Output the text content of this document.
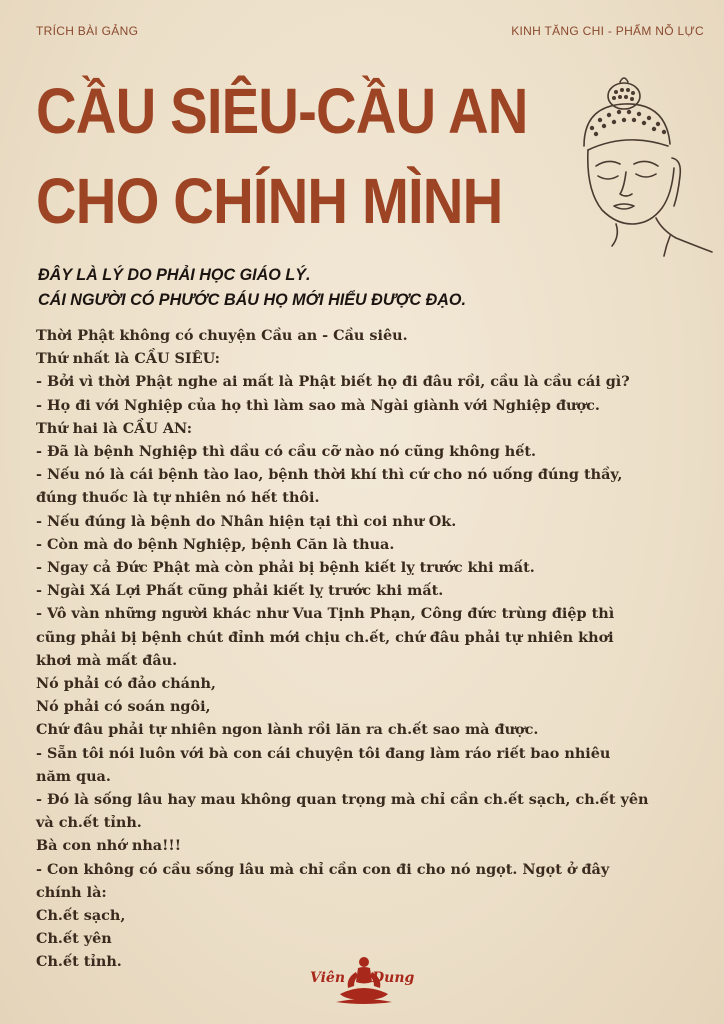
TRÍCH BÀI GẢNG	KINH TĂNG CHI - PHẨM NỖ LỰC
CẦU SIÊU-CẦU AN
CHO CHÍNH MÌNH
ĐÂY LÀ LÝ DO PHẢI HỌC GIÁO LÝ.
CÁI NGƯỜI CÓ PHƯỚC BÁU HỌ MỚI HIỂU ĐƯỢC ĐẠO.
Thời Phật không có chuyện Cầu an - Cầu siêu.
Thứ nhất là CẦU SIÊU:
- Bởi vì thời Phật nghe ai mất là Phật biết họ đi đâu rồi, cầu là cầu cái gì?
- Họ đi với Nghiệp của họ thì làm sao mà Ngài giành với Nghiệp được.
Thứ hai là CẦU AN:
- Đã là bệnh Nghiệp thì dầu có cầu cỡ nào nó cũng không hết.
- Nếu nó là cái bệnh tào lao, bệnh thời khí thì cứ cho nó uống đúng thầy,
đúng thuốc là tự nhiên nó hết thôi.
- Nếu đúng là bệnh do Nhân hiện tại thì coi như Ok.
- Còn mà do bệnh Nghiệp, bệnh Căn là thua.
- Ngay cả Đức Phật mà còn phải bị bệnh kiết lỵ trước khi mất.
- Ngài Xá Lợi Phất cũng phải kiết lỵ trước khi mất.
- Vô vàn những người khác như Vua Tịnh Phạn, Công đức trùng điệp thì
cũng phải bị bệnh chút đỉnh mới chịu ch.ết, chứ đâu phải tự nhiên khơi
khơi mà mất đâu.
Nó phải có đảo chánh,
Nó phải có soán ngôi,
Chứ đâu phải tự nhiên ngon lành rồi lăn ra ch.ết sao mà được.
- Sẵn tôi nói luôn với bà con cái chuyện tôi đang làm ráo riết bao nhiêu
năm qua.
- Đó là sống lâu hay mau không quan trọng mà chỉ cần ch.ết sạch, ch.ết yên
và ch.ết tỉnh.
Bà con nhớ nha!!!
- Con không có cầu sống lâu mà chỉ cần con đi cho nó ngọt. Ngọt ở đây
chính là:
Ch.ết sạch,
Ch.ết yên
Ch.ết tỉnh.
Viên Dung
